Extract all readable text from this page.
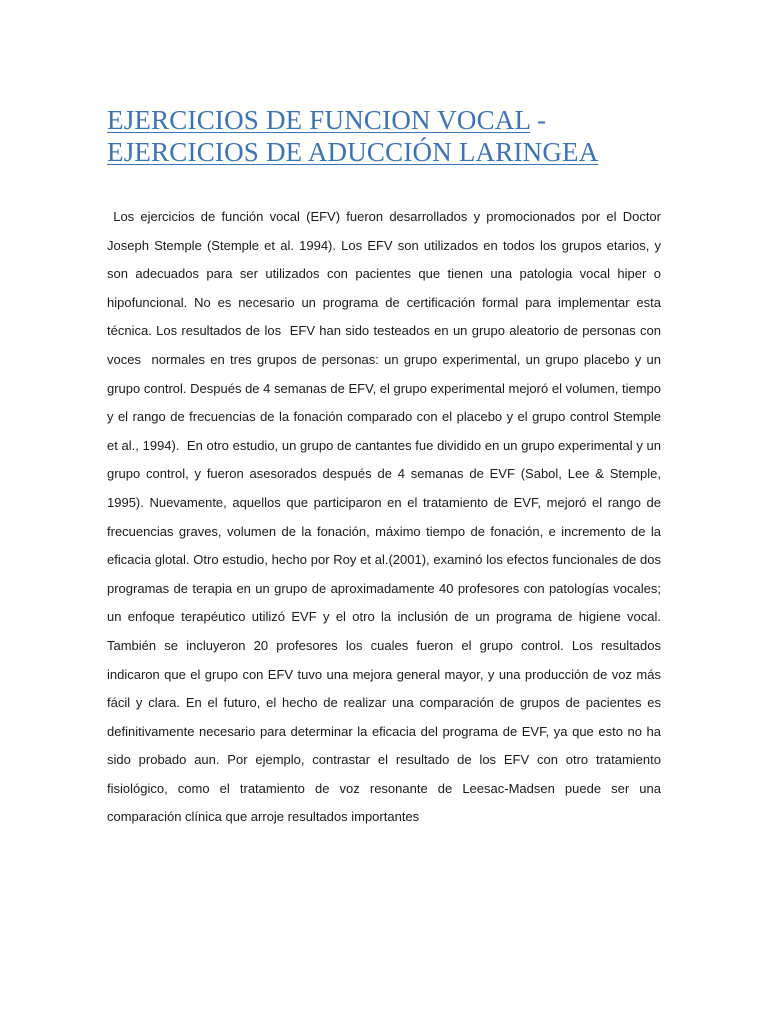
EJERCICIOS DE FUNCION VOCAL - EJERCICIOS DE ADUCCIÓN LARINGEA

Los ejercicios de función vocal (EFV) fueron desarrollados y promocionados por el Doctor Joseph Stemple (Stemple et al. 1994). Los EFV son utilizados en todos los grupos etarios, y son adecuados para ser utilizados con pacientes que tienen una patologia vocal hiper o hipofuncional. No es necesario un programa de certificación formal para implementar esta técnica. Los resultados de los  EFV han sido testeados en un grupo aleatorio de personas con voces  normales en tres grupos de personas: un grupo experimental, un grupo placebo y un grupo control. Después de 4 semanas de EFV, el grupo experimental mejoró el volumen, tiempo y el rango de frecuencias de la fonación comparado con el placebo y el grupo control Stemple et al., 1994).  En otro estudio, un grupo de cantantes fue dividido en un grupo experimental y un grupo control, y fueron asesorados después de 4 semanas de EVF (Sabol, Lee & Stemple, 1995). Nuevamente, aquellos que participaron en el tratamiento de EVF, mejoró el rango de frecuencias graves, volumen de la fonación, máximo tiempo de fonación, e incremento de la eficacia glotal. Otro estudio, hecho por Roy et al.(2001), examinó los efectos funcionales de dos programas de terapia en un grupo de aproximadamente 40 profesores con patologías vocales; un enfoque terapéutico utilizó EVF y el otro la inclusión de un programa de higiene vocal. También se incluyeron 20 profesores los cuales fueron el grupo control. Los resultados indicaron que el grupo con EFV tuvo una mejora general mayor, y una producción de voz más fácil y clara. En el futuro, el hecho de realizar una comparación de grupos de pacientes es definitivamente necesario para determinar la eficacia del programa de EVF, ya que esto no ha sido probado aun. Por ejemplo, contrastar el resultado de los EFV con otro tratamiento fisiológico, como el tratamiento de voz resonante de Leesac-Madsen puede ser una comparación clínica que arroje resultados importantes
